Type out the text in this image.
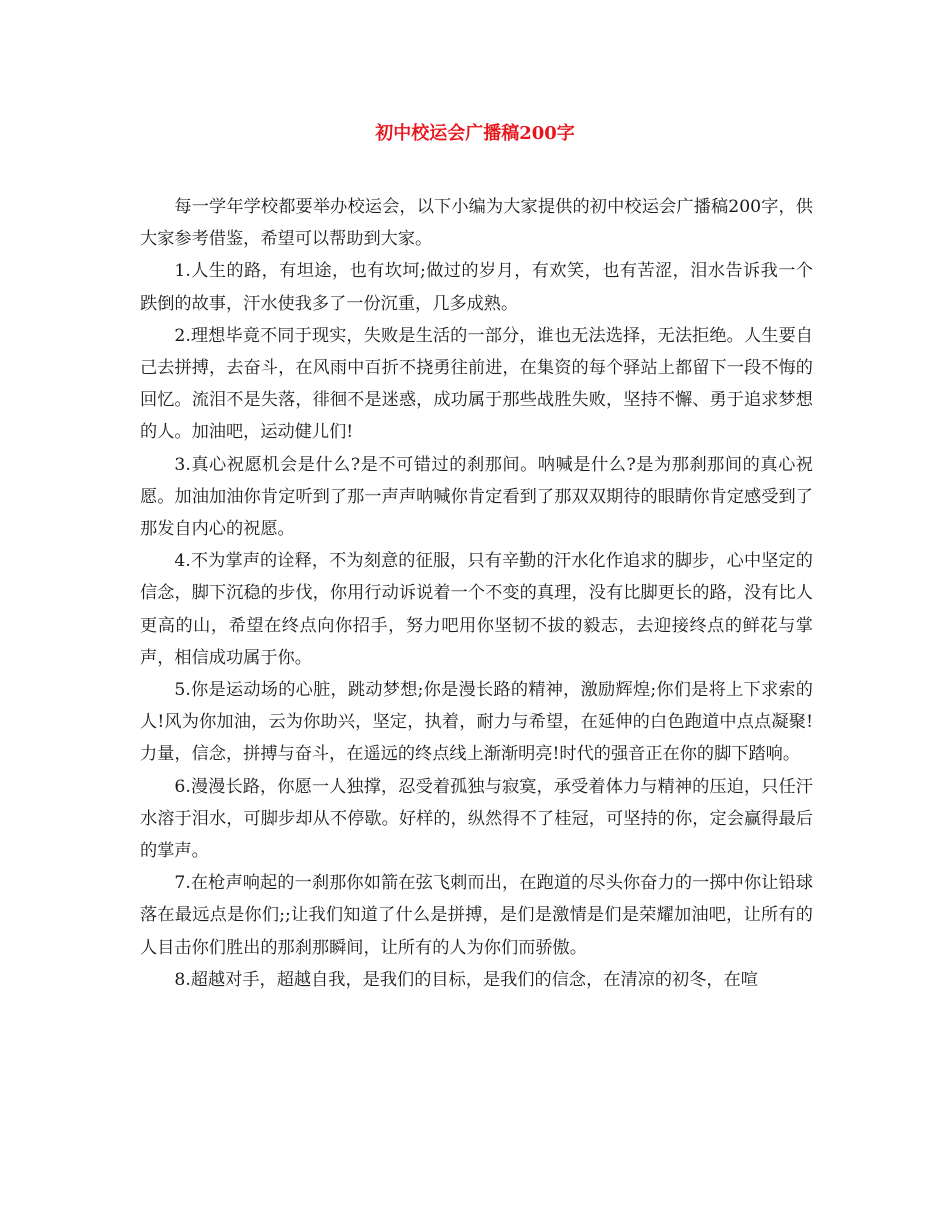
初中校运会广播稿200字

每一学年学校都要举办校运会，以下小编为大家提供的初中校运会广播稿200字，供大家参考借鉴，希望可以帮助到大家。

1.人生的路，有坦途，也有坎坷;做过的岁月，有欢笑，也有苦涩，泪水告诉我一个跌倒的故事，汗水使我多了一份沉重，几多成熟。

2.理想毕竟不同于现实，失败是生活的一部分，谁也无法选择，无法拒绝。人生要自己去拼搏，去奋斗，在风雨中百折不挠勇往前进，在集资的每个驿站上都留下一段不悔的回忆。流泪不是失落，徘徊不是迷惑，成功属于那些战胜失败，坚持不懈、勇于追求梦想的人。加油吧，运动健儿们!

3.真心祝愿机会是什么?是不可错过的刹那间。呐喊是什么?是为那刹那间的真心祝愿。加油加油你肯定听到了那一声声呐喊你肯定看到了那双双期待的眼睛你肯定感受到了那发自内心的祝愿。

4.不为掌声的诠释，不为刻意的征服，只有辛勤的汗水化作追求的脚步，心中坚定的信念，脚下沉稳的步伐，你用行动诉说着一个不变的真理，没有比脚更长的路，没有比人更高的山，希望在终点向你招手，努力吧用你坚韧不拔的毅志，去迎接终点的鲜花与掌声，相信成功属于你。

5.你是运动场的心脏，跳动梦想;你是漫长路的精神，激励辉煌;你们是将上下求索的人!风为你加油，云为你助兴，坚定，执着，耐力与希望，在延伸的白色跑道中点点凝聚!力量，信念，拼搏与奋斗，在遥远的终点线上渐渐明亮!时代的强音正在你的脚下踏响。

6.漫漫长路，你愿一人独撑，忍受着孤独与寂寞，承受着体力与精神的压迫，只任汗水溶于泪水，可脚步却从不停歇。好样的，纵然得不了桂冠，可坚持的你，定会赢得最后的掌声。

7.在枪声响起的一刹那你如箭在弦飞刺而出，在跑道的尽头你奋力的一掷中你让铅球落在最远点是你们;;让我们知道了什么是拼搏，是们是激情是们是荣耀加油吧，让所有的人目击你们胜出的那刹那瞬间，让所有的人为你们而骄傲。

8.超越对手，超越自我，是我们的目标，是我们的信念，在清凉的初冬，在喧
